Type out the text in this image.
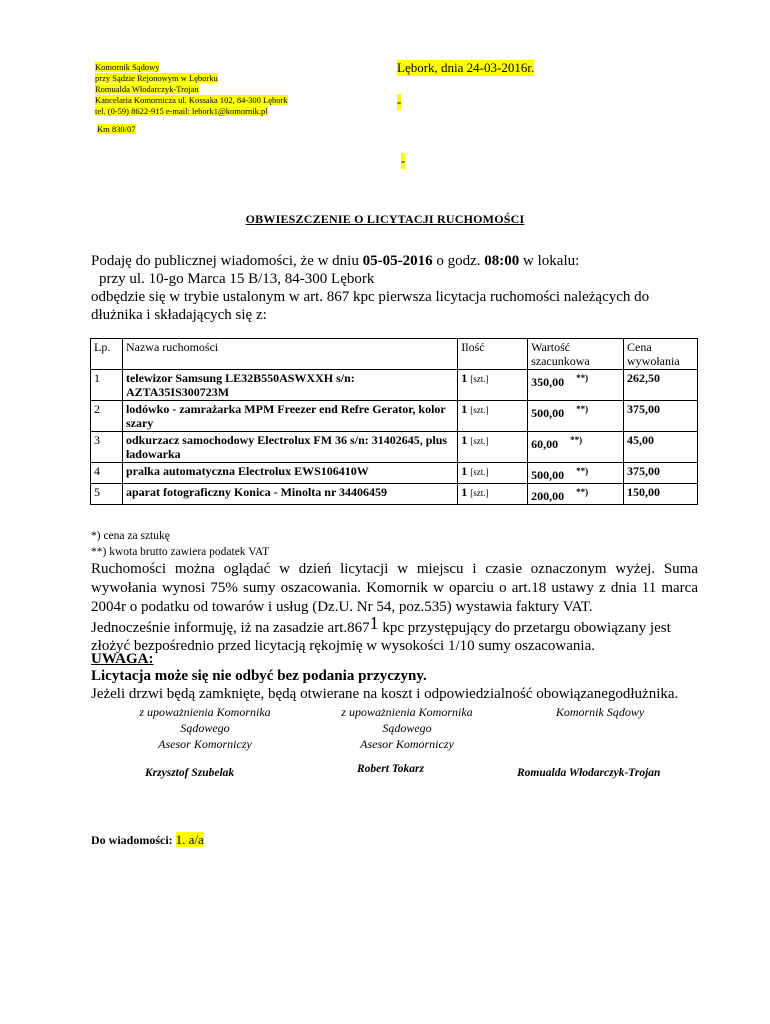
Komornik Sądowy
przy Sądzie Rejonowym w Lęborku
Romualda Włodarczyk-Trojan
Kancelaria Komornicza ul. Kossaka 102, 84-300 Lębork
tel. (0-59) 8622-915 e-mail: lebork1@komornik.pl
Km 830/07
Lębork, dnia 24-03-2016r.
-
-
OBWIESZCZENIE O LICYTACJI RUCHOMOŚCI
Podaję do publicznej wiadomości, że w dniu 05-05-2016 o godz. 08:00 w lokalu:
przy ul. 10-go Marca 15 B/13, 84-300 Lębork
odbędzie się w trybie ustalonym w art. 867 kpc pierwsza licytacja ruchomości należących do
dłużnika i składających się z:
Lp.	Nazwa ruchomości	Ilość	Wartość szacunkowa	Cena wywołania
1	telewizor Samsung LE32B550ASWXXH s/n: AZTA35IS300723M	1 [szt.]	350,00 **)	262,50
2	lodówko - zamrażarka MPM Freezer end Refre Gerator, kolor szary	1 [szt.]	500,00 **)	375,00
3	odkurzacz samochodowy Electrolux FM 36 s/n: 31402645, plus ładowarka	1 [szt.]	60,00 **)	45,00
4	pralka automatyczna Electrolux EWS106410W	1 [szt.]	500,00 **)	375,00
5	aparat fotograficzny Konica - Minolta nr 34406459	1 [szt.]	200,00 **)	150,00
*) cena za sztukę
**) kwota brutto zawiera podatek VAT
Ruchomości można oglądać w dzień licytacji w miejscu i czasie oznaczonym wyżej. Suma wywołania wynosi 75% sumy oszacowania. Komornik w oparciu o art.18 ustawy z dnia 11 marca 2004r o podatku od towarów i usług (Dz.U. Nr 54, poz.535) wystawia faktury VAT.
Jednocześnie informuję, iż na zasadzie art.8671 kpc przystępujący do przetargu obowiązany jest złożyć bezpośrednio przed licytacją rękojmię w wysokości 1/10 sumy oszacowania.
UWAGA:
Licytacja może się nie odbyć bez podania przyczyny.
Jeżeli drzwi będą zamknięte, będą otwierane na koszt i odpowiedzialność obowiązanegodłużnika.
z upoważnienia Komornika
Sądowego
Asesor Komorniczy
z upoważnienia Komornika
Sądowego
Asesor Komorniczy
Komornik Sądowy
Krzysztof Szubelak	Robert Tokarz	Romualda Włodarczyk-Trojan
Do wiadomości: 1. a/a
